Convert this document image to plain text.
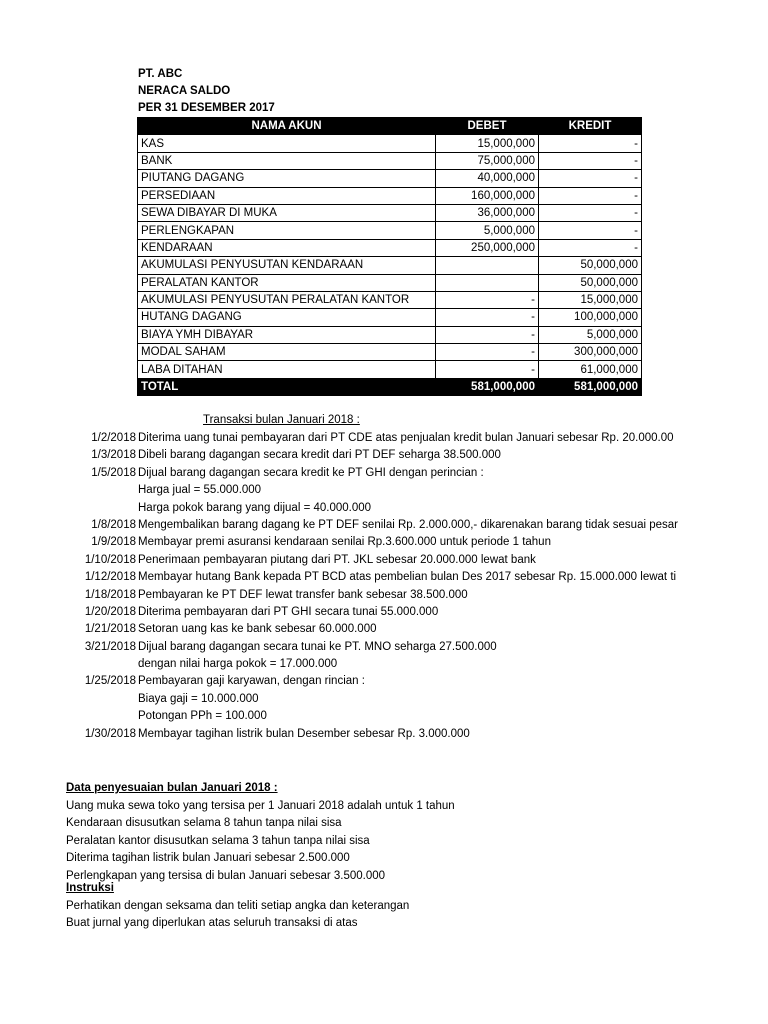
PT. ABC
NERACA SALDO
PER 31 DESEMBER 2017
NAMA AKUN	DEBET	KREDIT
KAS	15,000,000	-
BANK	75,000,000	-
PIUTANG DAGANG	40,000,000	-
PERSEDIAAN	160,000,000	-
SEWA DIBAYAR DI MUKA	36,000,000	-
PERLENGKAPAN	5,000,000	-
KENDARAAN	250,000,000	-
AKUMULASI PENYUSUTAN KENDARAAN		50,000,000
PERALATAN KANTOR		50,000,000
AKUMULASI PENYUSUTAN PERALATAN KANTOR	-	15,000,000
HUTANG DAGANG	-	100,000,000
BIAYA YMH DIBAYAR	-	5,000,000
MODAL SAHAM	-	300,000,000
LABA DITAHAN	-	61,000,000
TOTAL	581,000,000	581,000,000
Transaksi bulan Januari 2018 :
1/2/2018 Diterima uang tunai pembayaran dari PT CDE atas penjualan kredit bulan Januari sebesar Rp. 20.000.00
1/3/2018 Dibeli barang dagangan secara kredit dari PT DEF seharga 38.500.000
1/5/2018 Dijual barang dagangan secara kredit ke PT GHI dengan perincian :
Harga jual = 55.000.000
Harga pokok barang yang dijual = 40.000.000
1/8/2018 Mengembalikan barang dagang ke PT DEF senilai Rp. 2.000.000,- dikarenakan barang tidak sesuai pesar
1/9/2018 Membayar premi asuransi kendaraan senilai Rp.3.600.000 untuk periode 1 tahun
1/10/2018 Penerimaan pembayaran piutang dari PT. JKL sebesar 20.000.000 lewat bank
1/12/2018 Membayar hutang Bank kepada PT BCD atas pembelian bulan Des 2017 sebesar Rp. 15.000.000 lewat ti
1/18/2018 Pembayaran ke PT DEF lewat transfer bank sebesar 38.500.000
1/20/2018 Diterima pembayaran dari PT GHI secara tunai 55.000.000
1/21/2018 Setoran uang kas ke bank sebesar 60.000.000
3/21/2018 Dijual barang dagangan secara tunai ke PT. MNO seharga 27.500.000
dengan nilai harga pokok = 17.000.000
1/25/2018 Pembayaran gaji karyawan, dengan rincian :
Biaya gaji = 10.000.000
Potongan PPh = 100.000
1/30/2018 Membayar tagihan listrik bulan Desember sebesar Rp. 3.000.000
Data penyesuaian bulan Januari 2018 :
Uang muka sewa toko yang tersisa per 1 Januari 2018 adalah untuk 1 tahun
Kendaraan disusutkan selama 8 tahun tanpa nilai sisa
Peralatan kantor disusutkan selama 3 tahun tanpa nilai sisa
Diterima tagihan listrik bulan Januari sebesar 2.500.000
Perlengkapan yang tersisa di bulan Januari sebesar 3.500.000
Instruksi
Perhatikan dengan seksama dan teliti setiap angka dan keterangan
Buat jurnal yang diperlukan atas seluruh transaksi di atas
